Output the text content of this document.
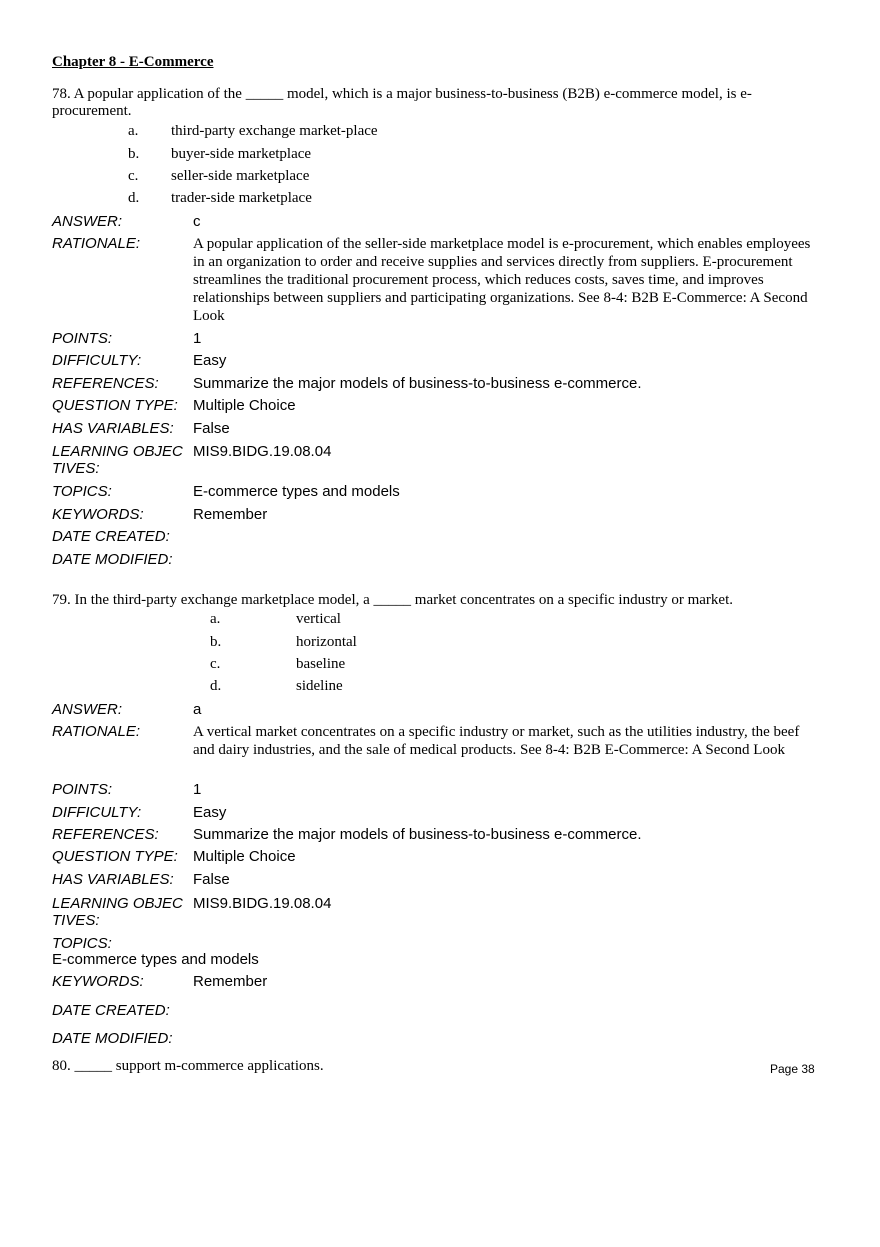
Chapter 8 - E-Commerce
78. A popular application of the _____ model, which is a major business-to-business (B2B) e-commerce model, is e-procurement.
a. third-party exchange market-place
b. buyer-side marketplace
c. seller-side marketplace
d. trader-side marketplace
ANSWER:	c
RATIONALE:	A popular application of the seller-side marketplace model is e-procurement, which enables employees in an organization to order and receive supplies and services directly from suppliers. E-procurement streamlines the traditional procurement process, which reduces costs, saves time, and improves relationships between suppliers and participating organizations. See 8-4: B2B E-Commerce: A Second Look
POINTS:	1
DIFFICULTY:	Easy
REFERENCES:	Summarize the major models of business-to-business e-commerce.
QUESTION TYPE:	Multiple Choice
HAS VARIABLES:	False
LEARNING OBJEC
TIVES:
MIS9.BIDG.19.08.04
TOPICS:	E-commerce types and models
KEYWORDS:	Remember
DATE CREATED:
DATE MODIFIED:
79. In the third-party exchange marketplace model, a _____ market concentrates on a specific industry or market.
a.	vertical
b.	horizontal
c.	baseline
d.	sideline
ANSWER:	a
RATIONALE:	A vertical market concentrates on a specific industry or market, such as the utilities industry, the beef and dairy industries, and the sale of medical products. See 8-4: B2B E-Commerce: A Second Look
POINTS:	1
DIFFICULTY:	Easy
REFERENCES:	Summarize the major models of business-to-business e-commerce.
QUESTION TYPE:	Multiple Choice
HAS VARIABLES:	False
LEARNING OBJEC
TIVES:
MIS9.BIDG.19.08.04
TOPICS:
E-commerce types and models
KEYWORDS:	Remember
DATE CREATED:
DATE MODIFIED:
80. _____ support m-commerce applications.	Page 38
